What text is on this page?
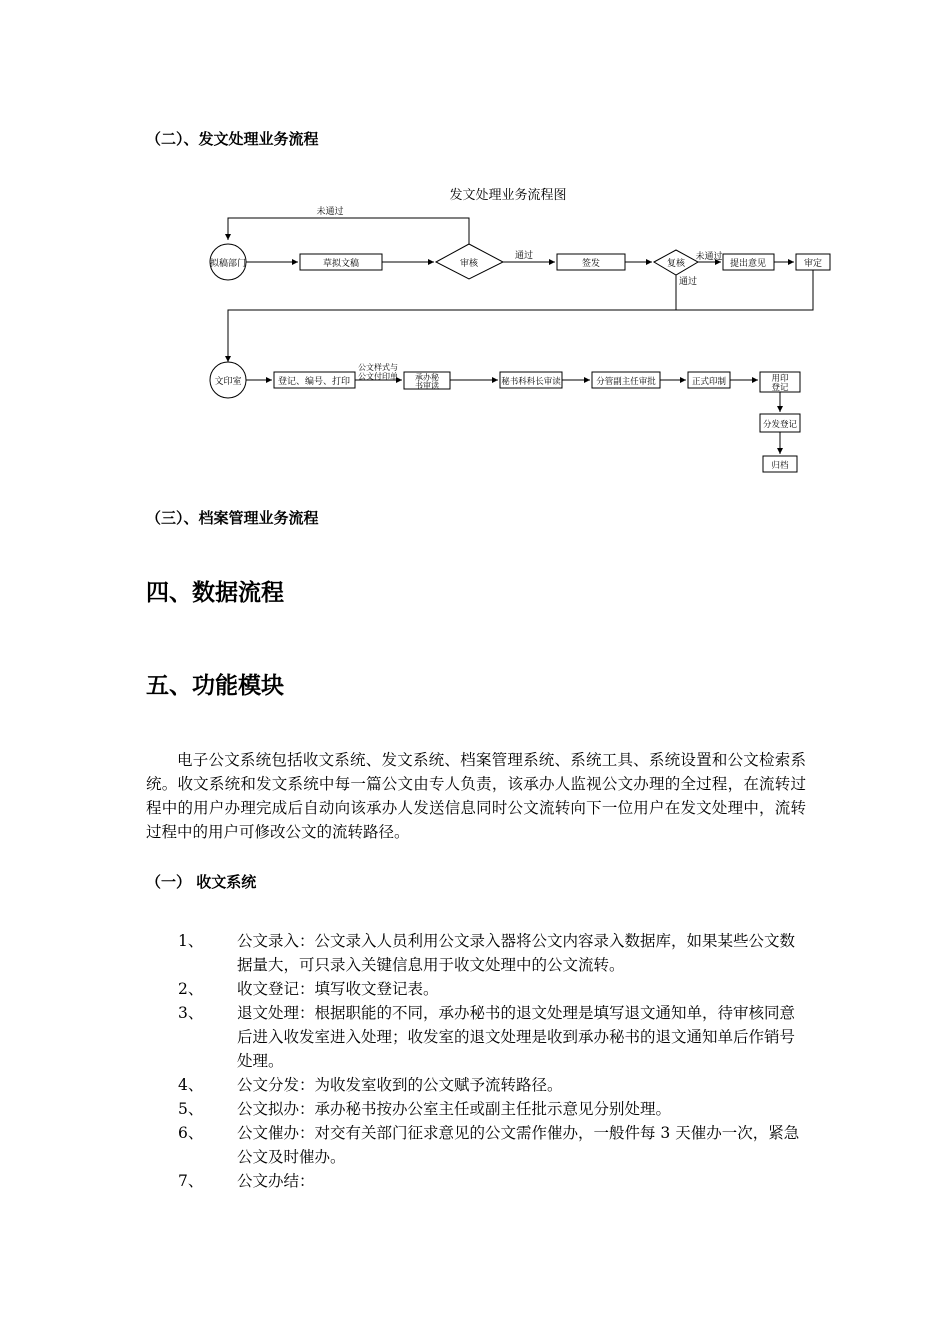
（二）、发文处理业务流程
发文处理业务流程图
拟稿部门	草拟文稿	审核	签发	复核	提出意见	审定
未通过
通过	未通过
通过
文印室	登记、编号、打印
公文样式与
公文付印单 承办秘
书审读	秘书科科长审读	分管副主任审批	正式印制	用印
登记
分发登记
归档
（三）、档案管理业务流程
四、数据流程
五、功能模块

电子公文系统包括收文系统、发文系统、档案管理系统、系统工具、系统设置和公文检索系统。收文系统和发文系统中每一篇公文由专人负责，该承办人监视公文办理的全过程，在流转过程中的用户办理完成后自动向该承办人发送信息同时公文流转向下一位用户在发文处理中，流转过程中的用户可修改公文的流转路径。

（一） 收文系统
1、	公文录入：公文录入人员利用公文录入器将公文内容录入数据库，如果某些公文数据量大，可只录入关键信息用于收文处理中的公文流转。
2、	收文登记：填写收文登记表。
3、	退文处理：根据职能的不同，承办秘书的退文处理是填写退文通知单，待审核同意后进入收发室进入处理；收发室的退文处理是收到承办秘书的退文通知单后作销号处理。
4、	公文分发：为收发室收到的公文赋予流转路径。
5、	公文拟办：承办秘书按办公室主任或副主任批示意见分别处理。
6、	公文催办：对交有关部门征求意见的公文需作催办，一般件每 3 天催办一次，紧急公文及时催办。
7、	公文办结：
